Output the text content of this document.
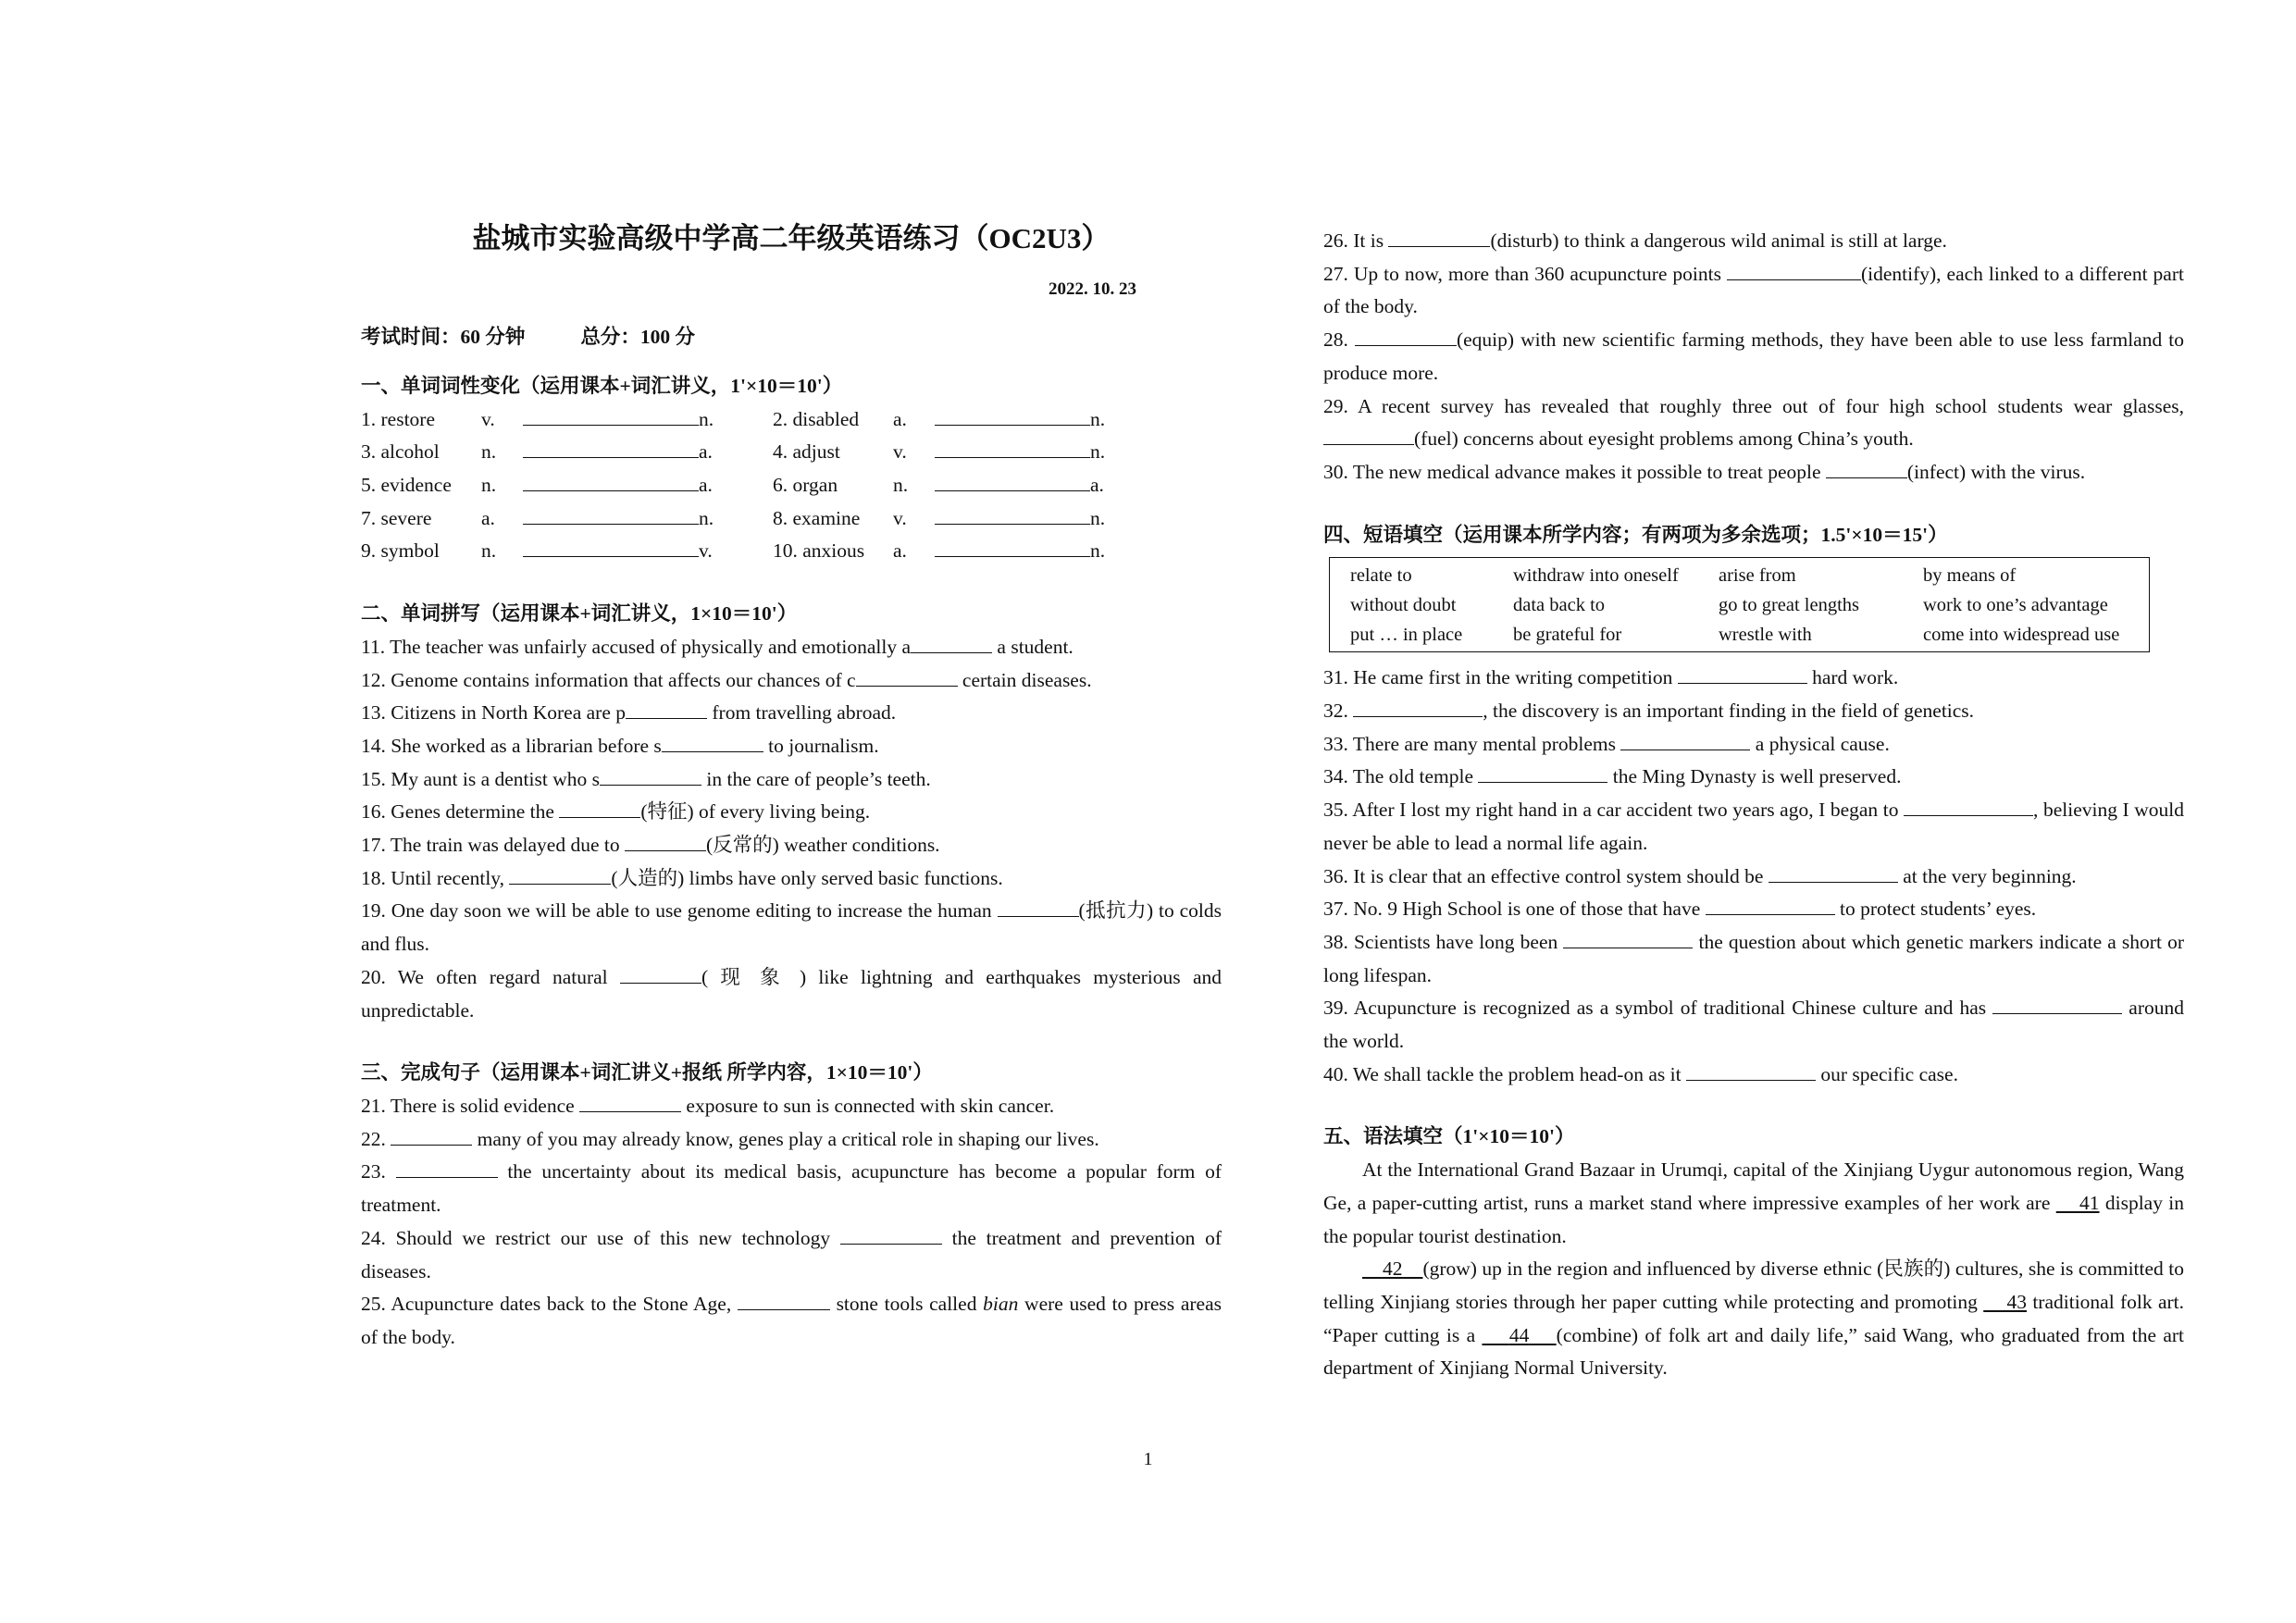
盐城市实验高级中学高二年级英语练习（OC2U3）
2022. 10. 23
考试时间：60 分钟	总分：100 分
一、单词词性变化（运用课本+词汇讲义，1'×10＝10'）
1. restore	v.	n.	2. disabled	a.	n.
3. alcohol	n.	a.	4. adjust	v.	n.
5. evidence	n.	a.	6. organ	n.	a.
7. severe	a.	n.	8. examine	v.	n.
9. symbol	n.	v.	10. anxious	a.	n.
二、单词拼写（运用课本+词汇讲义，1×10＝10'）
11. The teacher was unfairly accused of physically and emotionally a	a student.
12. Genome contains information that affects our chances of c	certain diseases.
13. Citizens in North Korea are p	from travelling abroad.
14. She worked as a librarian before s	to journalism.
15. My aunt is a dentist who s	in the care of people’s teeth.
16. Genes determine the	(特征) of every living being.
17. The train was delayed due to	(反常的) weather conditions.
18. Until recently,	(人造的) limbs have only served basic functions.
19. One day soon we will be able to use genome editing to increase the human	(抵抗力) to colds and flus.
20. We often regard natural	( 现 象 ) like lightning and earthquakes mysterious and unpredictable.
三、完成句子（运用课本+词汇讲义+报纸 所学内容，1×10＝10'）
21. There is solid evidence	exposure to sun is connected with skin cancer.
22.	many of you may already know, genes play a critical role in shaping our lives.
23.	the uncertainty about its medical basis, acupuncture has become a popular form of treatment.
24. Should we restrict our use of this new technology	the treatment and prevention of diseases.
25. Acupuncture dates back to the Stone Age,	stone tools called bian were used to press areas of the body.
26. It is	(disturb) to think a dangerous wild animal is still at large.
27. Up to now, more than 360 acupuncture points	(identify), each linked to a different part of the body.
28.	(equip) with new scientific farming methods, they have been able to use less farmland to produce more.
29. A recent survey has revealed that roughly three out of four high school students wear glasses, (fuel) concerns about eyesight problems among China’s youth.
30. The new medical advance makes it possible to treat people	(infect) with the virus.
四、短语填空（运用课本所学内容；有两项为多余选项；1.5'×10＝15'）
relate to	withdraw into oneself	arise from	by means of
without doubt	data back to	go to great lengths	work to one’s advantage
put … in place	be grateful for	wrestle with	come into widespread use
31. He came first in the writing competition	hard work.
32.	, the discovery is an important finding in the field of genetics.
33. There are many mental problems	a physical cause.
34. The old temple	the Ming Dynasty is well preserved.
35. After I lost my right hand in a car accident two years ago, I began to	, believing I would never be able to lead a normal life again.
36. It is clear that an effective control system should be	at the very beginning.
37. No. 9 High School is one of those that have	to protect students’ eyes.
38. Scientists have long been	the question about which genetic markers indicate a short or long lifespan.
39. Acupuncture is recognized as a symbol of traditional Chinese culture and has	around the world.
40. We shall tackle the problem head-on as it	our specific case.
五、语法填空（1'×10＝10'）
At the International Grand Bazaar in Urumqi, capital of the Xinjiang Uygur autonomous region, Wang Ge, a paper-cutting artist, runs a market stand where impressive examples of her work are     41 display in the popular tourist destination.
42 (grow) up in the region and influenced by diverse ethnic (民族的) cultures, she is committed to telling Xinjiang stories through her paper cutting while protecting and promoting     43 traditional folk art. “Paper cutting is a     44 (combine) of folk art and daily life,” said Wang, who graduated from the art department of Xinjiang Normal University.
1
